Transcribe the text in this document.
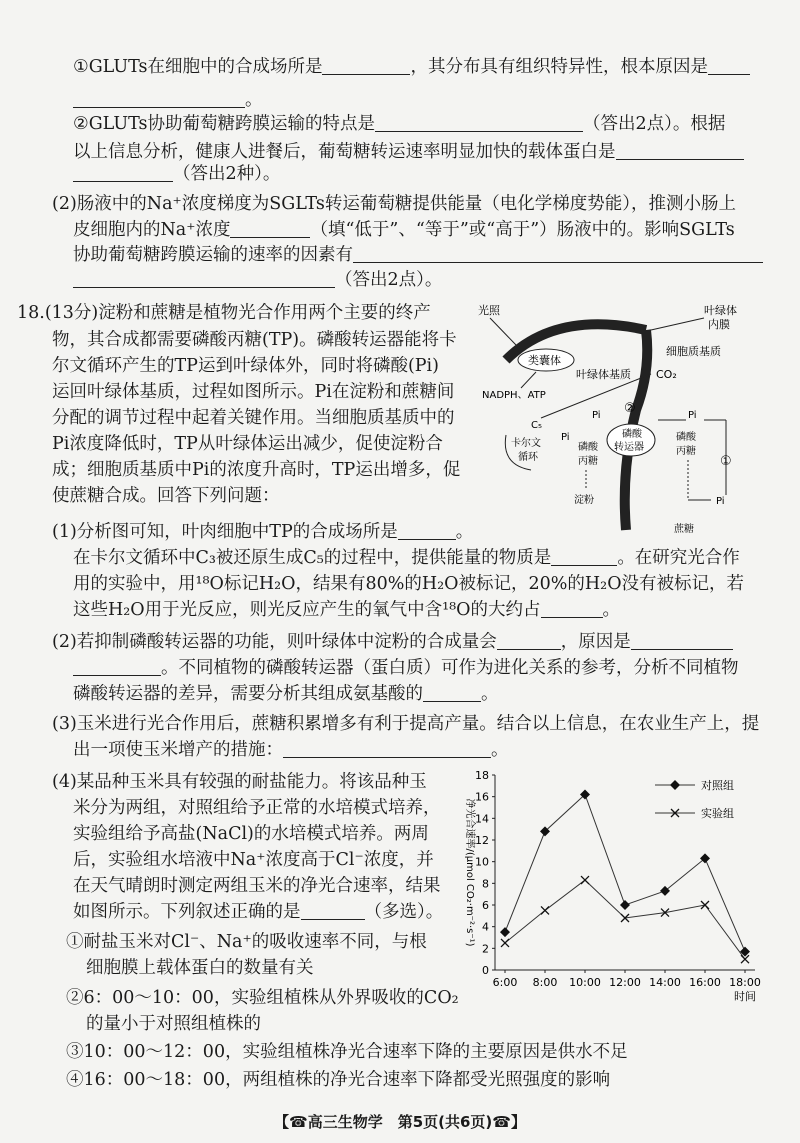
①GLUTs在细胞中的合成场所是	，其分布具有组织特异性，根本原因是
。
②GLUTs协助葡萄糖跨膜运输的特点是	（答出2点）。根据
以上信息分析，健康人进餐后，葡萄糖转运速率明显加快的载体蛋白是
（答出2种）。
(2)肠液中的Na⁺浓度梯度为SGLTs转运葡萄糖提供能量（电化学梯度势能），推测小肠上
皮细胞内的Na⁺浓度	（填“低于”、“等于”或“高于”）肠液中的。影响SGLTs
协助葡萄糖跨膜运输的速率的因素有
（答出2点）。
18.(13分)淀粉和蔗糖是植物光合作用两个主要的终产
物，其合成都需要磷酸丙糖(TP)。磷酸转运器能将卡
尔文循环产生的TP运到叶绿体外，同时将磷酸(Pi)
运回叶绿体基质，过程如图所示。Pi在淀粉和蔗糖间
分配的调节过程中起着关键作用。当细胞质基质中的
Pi浓度降低时，TP从叶绿体运出减少，促使淀粉合
成；细胞质基质中Pi的浓度升高时，TP运出增多，促
使蔗糖合成。回答下列问题：
光照	叶绿体
内膜
细胞质基质
类囊体
叶绿体基质 CO₂
NADPH、ATP
C₅
卡尔文
循环
Pi
磷酸
丙糖
淀粉
②
磷酸
转运器
Pi	Pi
磷酸
丙糖
Pi
①
蔗糖
(1)分析图可知，叶肉细胞中TP的合成场所是	。
在卡尔文循环中C₃被还原生成C₅的过程中，提供能量的物质是	。在研究光合作
用的实验中，用¹⁸O标记H₂O，结果有80%的H₂O被标记，20%的H₂O没有被标记，若
这些H₂O用于光反应，则光反应产生的氧气中含¹⁸O的大约占	。
(2)若抑制磷酸转运器的功能，则叶绿体中淀粉的合成量会	，原因是
。不同植物的磷酸转运器（蛋白质）可作为进化关系的参考，分析不同植物
磷酸转运器的差异，需要分析其组成氨基酸的	。
(3)玉米进行光合作用后，蔗糖积累增多有利于提高产量。结合以上信息，在农业生产上，提
出一项使玉米增产的措施：	。
(4)某品种玉米具有较强的耐盐能力。将该品种玉
米分为两组，对照组给予正常的水培模式培养，
实验组给予高盐(NaCl)的水培模式培养。两周
后，实验组水培液中Na⁺浓度高于Cl⁻浓度，并
在天气晴朗时测定两组玉米的净光合速率，结果
如图所示。下列叙述正确的是	（多选）。
①耐盐玉米对Cl⁻、Na⁺的吸收速率不同，与根
细胞膜上载体蛋白的数量有关
②6：00～10：00，实验组植株从外界吸收的CO₂
的量小于对照组植株的
③10：00～12：00，实验组植株净光合速率下降的主要原因是供水不足
④16：00～18：00，两组植株的净光合速率下降都受光照强度的影响
0
2
4
6
8
10
12
14
16
18
6:00 8:00 10:00 12:00 14:00 16:00 18:00
时间
净光合速率/(μmol CO₂·m⁻²·s⁻¹)
对照组
实验组
【☎高三生物学　第5页(共6页)☎】
